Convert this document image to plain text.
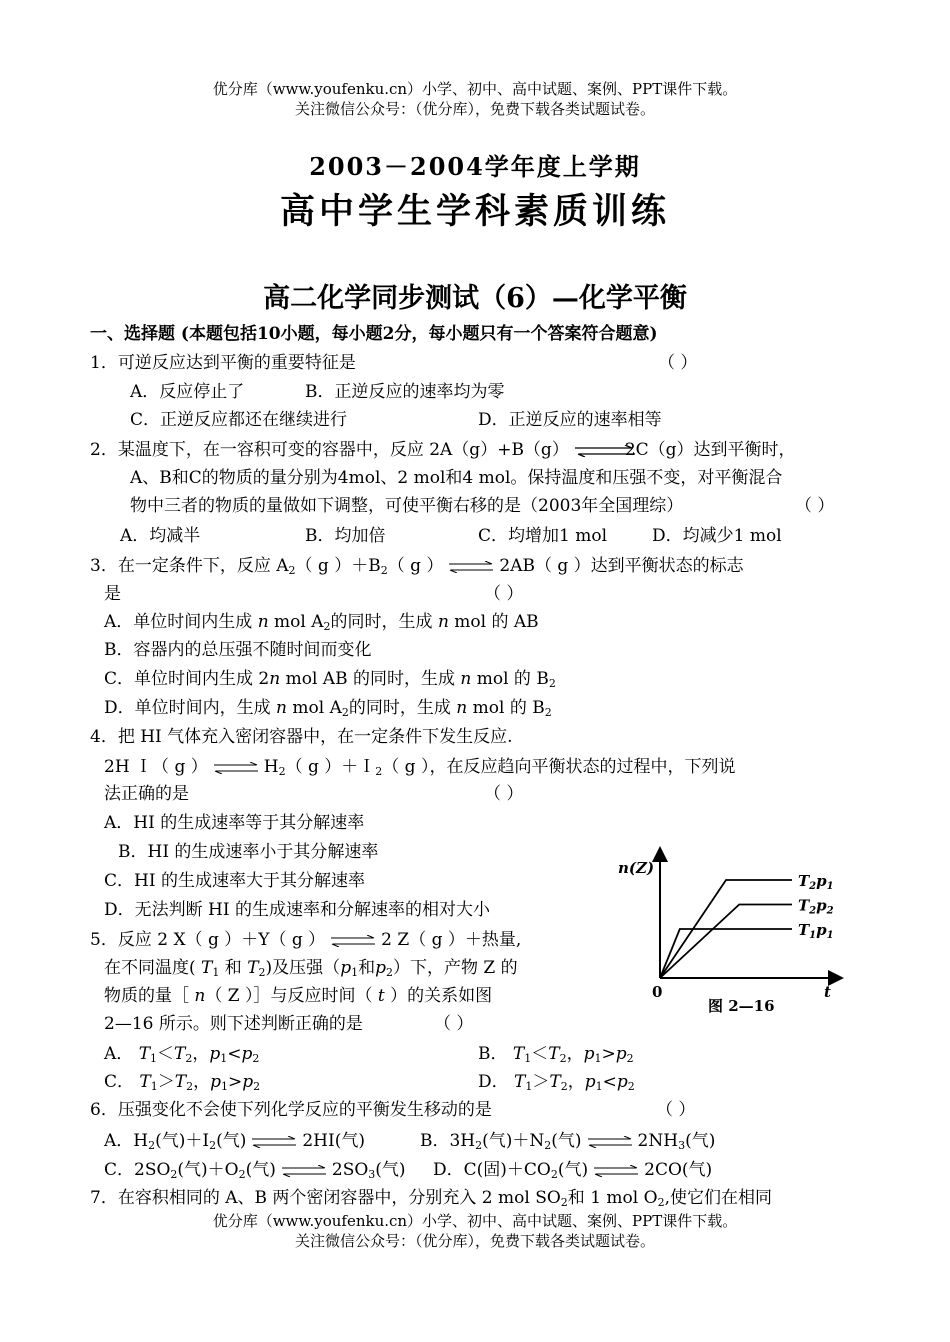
优分库（www.youfenku.cn）小学、初中、高中试题、案例、PPT课件下载。
关注微信公众号：（优分库），免费下载各类试题试卷。
2003－2004学年度上学期
高中学生学科素质训练
高二化学同步测试（6）—化学平衡
一、选择题 (本题包括10小题，每小题2分，每小题只有一个答案符合题意)
1．可逆反应达到平衡的重要特征是	（ ）
A．反应停止了	B．正逆反应的速率均为零
C．正逆反应都还在继续进行	D．正逆反应的速率相等
2．某温度下，在一容积可变的容器中，反应 2A（g）+B（g） ⇌ 2C（g）达到平衡时，
A、B和C的物质的量分别为4mol、2 mol和4 mol。保持温度和压强不变，对平衡混合
物中三者的物质的量做如下调整，可使平衡右移的是（2003年全国理综）	（ ）
A．均减半	B．均加倍	C．均增加1 mol	D．均减少1 mol
3．在一定条件下，反应 $A_2$（ g ）$+B_2$（ g ） ⇌ 2AB（ g ）达到平衡状态的标志
是	（ ）
A．单位时间内生成 n mol $A_2$的同时，生成 n mol 的 AB
B．容器内的总压强不随时间而变化
C．单位时间内生成 2n mol AB 的同时，生成 n mol 的 $B_2$
D．单位时间内，生成 n mol $A_2$的同时，生成 n mol 的 $B_2$
4．把 HI 气体充入密闭容器中，在一定条件下发生反应.
2H Ｉ（ g ） ⇌ $H_2$（ g ）＋Ｉ$_2$（ g ），在反应趋向平衡状态的过程中，下列说
法正确的是	（ ）
A．HI 的生成速率等于其分解速率
B．HI 的生成速率小于其分解速率
C．HI 的生成速率大于其分解速率
D．无法判断 HI 的生成速率和分解速率的相对大小
n(Z)
0	t
图 2—16
$T_2p_1$
$T_2p_2$
$T_1p_1$
5．反应 2 X（ g ）＋Y（ g ） ⇌ 2 Z（ g ）＋热量,
在不同温度( $T_1$ 和 $T_2$)及压强（$p_1$和$p_2$）下，产物 Z 的
物质的量［ n（ Z ）］与反应时间（ t ）的关系如图
2—16 所示。则下述判断正确的是	（ ）
A． $T_1<T_2$，$p_1<p_2$	B． $T_1<T_2$，$p_1>p_2$
C． $T_1>T_2$，$p_1>p_2$	D． $T_1>T_2$，$p_1<p_2$
6．压强变化不会使下列化学反应的平衡发生移动的是	（ ）
A．$H_2$(气)$+I_2$(气) ⇌ 2HI(气)	B．$3H_2$(气)$+N_2$(气) ⇌ $2NH_3$(气)
C．$2SO_2$(气)$+O_2$(气) ⇌ $2SO_3$(气) D．C(固)$+CO_2$(气) ⇌ 2CO(气)
7．在容积相同的 A、B 两个密闭容器中，分别充入 2 mol $SO_2$和 1 mol $O_2$,使它们在相同
优分库（www.youfenku.cn）小学、初中、高中试题、案例、PPT课件下载。
关注微信公众号：（优分库），免费下载各类试题试卷。
